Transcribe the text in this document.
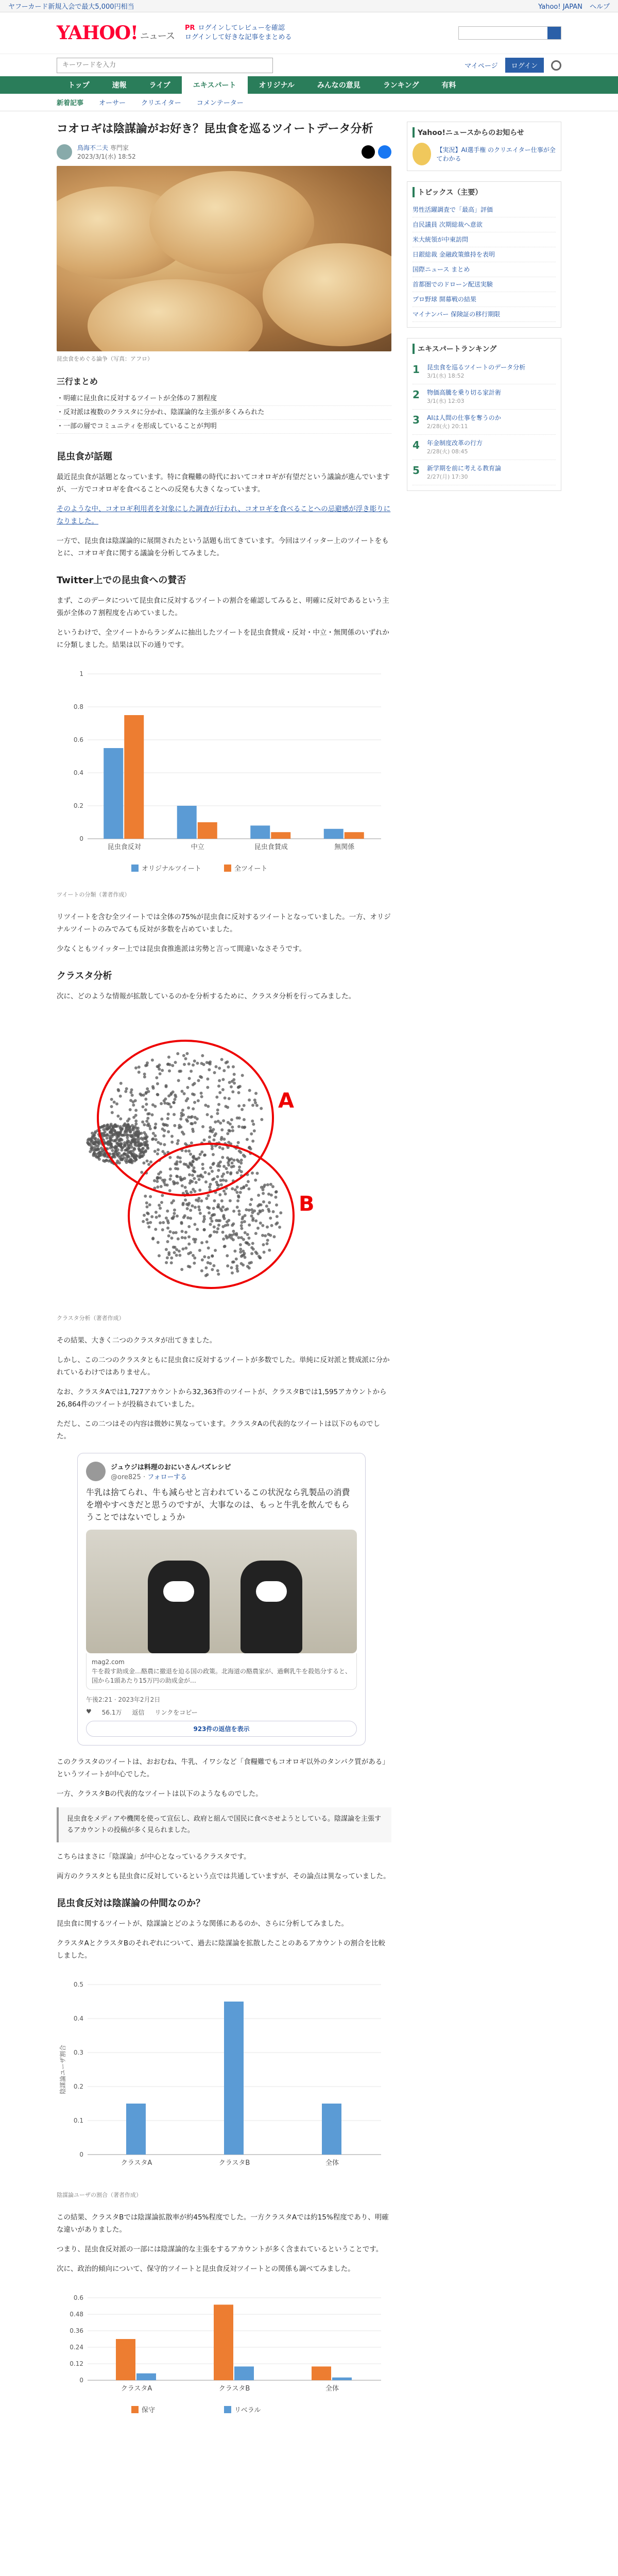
ヤフーカード新規入会で最大5,000円相当	Yahoo! JAPAN ヘルプ
YAHOO! ニュース
PR ログインしてレビューを確認
ログインして好きな記事をまとめる
キーワードを入力
マイページ	ログイン
トップ	速報	ライブ	エキスパート	オリジナル	みんなの意見	ランキング	有料
新着記事 オーサー クリエイター コメンテーター
コオロギは陰謀論がお好き？昆虫食を巡るツイートデータ分析
鳥海不二夫 専門家
2023/3/1(水) 18:52
昆虫食をめぐる論争（写真：アフロ）
三行まとめ
・明確に昆虫食に反対するツイートが全体の７割程度
・反対派は複数のクラスタに分かれ、陰謀論的な主張が多くみられた
・一部の層でコミュニティを形成していることが判明
昆虫食が話題

最近昆虫食が話題となっています。特に食糧難の時代においてコオロギが有望だという議論が進んでいますが、一方でコオロギを食べることへの反発も大きくなっています。

そのような中、コオロギ利用者を対象にした調査が行われ、コオロギを食べることへの忌避感が浮き彫りになりました。

一方で、昆虫食は陰謀論的に展開されたという話題も出てきています。今回はツイッター上のツイートをもとに、コオロギ食に関する議論を分析してみました。

Twitter上での昆虫食への賛否

まず、このデータについて昆虫食に反対するツイートの割合を確認してみると、明確に反対であるという主張が全体の７割程度を占めていました。

というわけで、全ツイートからランダムに抽出したツイートを昆虫食賛成・反対・中立・無関係のいずれかに分類しました。結果は以下の通りです。

0
0.2
0.4
0.6
0.8
1
昆虫食反対	中立	昆虫食賛成	無関係
オリジナルツイート	全ツイート
ツイートの分類（著者作成）

リツイートを含む全ツイートでは全体の75%が昆虫食に反対するツイートとなっていました。一方、オリジナルツイートのみでみても反対が多数を占めていました。

少なくともツイッター上では昆虫食推進派は劣勢と言って間違いなさそうです。

クラスタ分析

次に、どのような情報が拡散しているのかを分析するために、クラスタ分析を行ってみました。

A
B
クラスタ分析（著者作成）

その結果、大きく二つのクラスタが出てきました。

しかし、この二つのクラスタともに昆虫食に反対するツイートが多数でした。単純に反対派と賛成派に分かれているわけではありません。

なお、クラスタAでは1,727アカウントから32,363件のツイートが、クラスタBでは1,595アカウントから26,864件のツイートが投稿されていました。

ただし、この二つはその内容は微妙に異なっています。クラスタAの代表的なツイートは以下のものでした。

ジュウジは料理のおにいさんバズレシピ
@ore825 · フォローする
牛乳は捨てられ、牛も減らせと言われているこの状況なら乳製品の消費を増やすべきだと思うのですが、大事なのは、もっと牛乳を飲んでもらうことではないでしょうか
mag2.com
牛を殺す助成金…酪農に撤退を迫る国の政策。北海道の酪農家が、過剰乳牛を殺処分すると、国から1頭あたり15万円の助成金が…
午後2:21 · 2023年2月2日
♥ 56.1万 返信 リンクをコピー
923件の返信を表示

このクラスタのツイートは、おおむね、牛乳、イワシなど「食糧難でもコオロギ以外のタンパク質がある」というツイートが中心でした。

一方、クラスタBの代表的なツイートは以下のようなものでした。

昆虫食をメディアや機関を使って宣伝し、政府と組んで国民に食べさせようとしている。陰謀論を主張するアカウントの投稿が多く見られました。

こちらはまさに「陰謀論」が中心となっているクラスタです。

両方のクラスタとも昆虫食に反対しているという点では共通していますが、その論点は異なっていました。

昆虫食反対は陰謀論の仲間なのか？

昆虫食に関するツイートが、陰謀論とどのような関係にあるのか、さらに分析してみました。

クラスタAとクラスタBのそれぞれについて、過去に陰謀論を拡散したことのあるアカウントの割合を比較しました。

0
0.1
0.2
0.3
0.4
0.5
クラスタA	クラスタB	全体
陰謀論ユーザ割合
陰謀論ユーザの割合（著者作成）

この結果、クラスタBでは陰謀論拡散率が約45%程度でした。一方クラスタAでは約15%程度であり、明確な違いがありました。

つまり、昆虫食反対派の一部には陰謀論的な主張をするアカウントが多く含まれているということです。

次に、政治的傾向について、保守的ツイートと昆虫食反対ツイートとの関係も調べてみました。

0
0.12
0.24
0.36
0.48
0.6
クラスタA	クラスタB	全体
保守	リベラル
Yahoo!ニュースからのお知らせ
【実況】AI選手権 のクリエイター仕事が全てわかる
トピックス（主要）
男性活躍調査で「最高」評価
自民議員 次期総裁へ意欲
米大統領が中東訪問
日銀総裁 金融政策維持を表明
国際ニュース まとめ
首都圏でのドローン配送実験
プロ野球 開幕戦の結果
マイナンバー 保険証の移行期限
エキスパートランキング
1	昆虫食を巡るツイートのデータ分析
3/1(水) 18:52
2	物価高騰を乗り切る家計術
3/1(水) 12:03
3	AIは人間の仕事を奪うのか
2/28(火) 20:11
4	年金制度改革の行方
2/28(火) 08:45
5	新学期を前に考える教育論
2/27(月) 17:30
